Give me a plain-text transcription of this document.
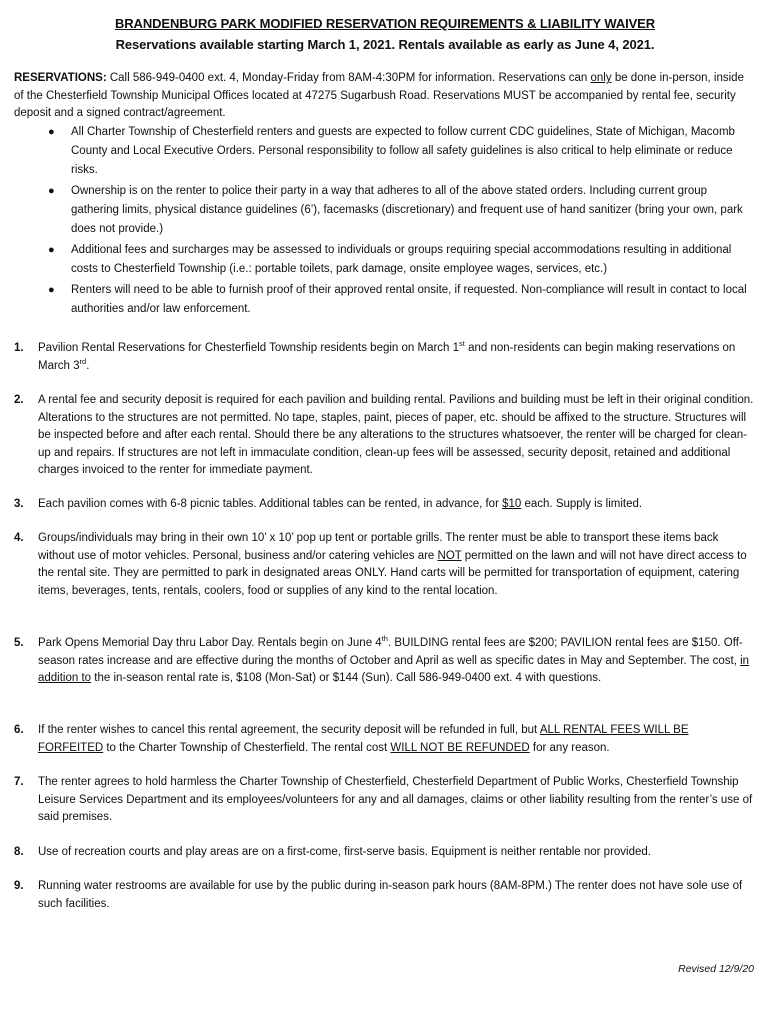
BRANDENBURG PARK MODIFIED RESERVATION REQUIREMENTS & LIABILITY WAIVER
Reservations available starting March 1, 2021. Rentals available as early as June 4, 2021.
RESERVATIONS: Call 586-949-0400 ext. 4, Monday-Friday from 8AM-4:30PM for information. Reservations can only be done in-person, inside of the Chesterfield Township Municipal Offices located at 47275 Sugarbush Road. Reservations MUST be accompanied by rental fee, security deposit and a signed contract/agreement.
● All Charter Township of Chesterfield renters and guests are expected to follow current CDC guidelines, State of Michigan, Macomb County and Local Executive Orders. Personal responsibility to follow all safety guidelines is also critical to help eliminate or reduce risks.
● Ownership is on the renter to police their party in a way that adheres to all of the above stated orders. Including current group gathering limits, physical distance guidelines (6’), facemasks (discretionary) and frequent use of hand sanitizer (bring your own, park does not provide.)
● Additional fees and surcharges may be assessed to individuals or groups requiring special accommodations resulting in additional costs to Chesterfield Township (i.e.: portable toilets, park damage, onsite employee wages, services, etc.)
● Renters will need to be able to furnish proof of their approved rental onsite, if requested. Non-compliance will result in contact to local authorities and/or law enforcement.
1.	Pavilion Rental Reservations for Chesterfield Township residents begin on March 1st and non-residents can begin making reservations on March 3rd.
2.	A rental fee and security deposit is required for each pavilion and building rental. Pavilions and building must be left in their original condition. Alterations to the structures are not permitted. No tape, staples, paint, pieces of paper, etc. should be affixed to the structure. Structures will be inspected before and after each rental. Should there be any alterations to the structures whatsoever, the renter will be charged for clean-up and repairs. If structures are not left in immaculate condition, clean-up fees will be assessed, security deposit, retained and additional charges invoiced to the renter for immediate payment.
3.	Each pavilion comes with 6-8 picnic tables. Additional tables can be rented, in advance, for $10 each. Supply is limited.
4.	Groups/individuals may bring in their own 10’ x 10’ pop up tent or portable grills. The renter must be able to transport these items back without use of motor vehicles. Personal, business and/or catering vehicles are NOT permitted on the lawn and will not have direct access to the rental site. They are permitted to park in designated areas ONLY. Hand carts will be permitted for transportation of equipment, catering items, beverages, tents, rentals, coolers, food or supplies of any kind to the rental location.
5.	Park Opens Memorial Day thru Labor Day. Rentals begin on June 4th. BUILDING rental fees are $200; PAVILION rental fees are $150. Off-season rates increase and are effective during the months of October and April as well as specific dates in May and September. The cost, in addition to the in-season rental rate is, $108 (Mon-Sat) or $144 (Sun). Call 586-949-0400 ext. 4 with questions.
6.	If the renter wishes to cancel this rental agreement, the security deposit will be refunded in full, but ALL RENTAL FEES WILL BE FORFEITED to the Charter Township of Chesterfield. The rental cost WILL NOT BE REFUNDED for any reason.
7.	The renter agrees to hold harmless the Charter Township of Chesterfield, Chesterfield Department of Public Works, Chesterfield Township Leisure Services Department and its employees/volunteers for any and all damages, claims or other liability resulting from the renter’s use of said premises.
8.	Use of recreation courts and play areas are on a first-come, first-serve basis. Equipment is neither rentable nor provided.
9.	Running water restrooms are available for use by the public during in-season park hours (8AM-8PM.) The renter does not have sole use of such facilities.
Revised 12/9/20
